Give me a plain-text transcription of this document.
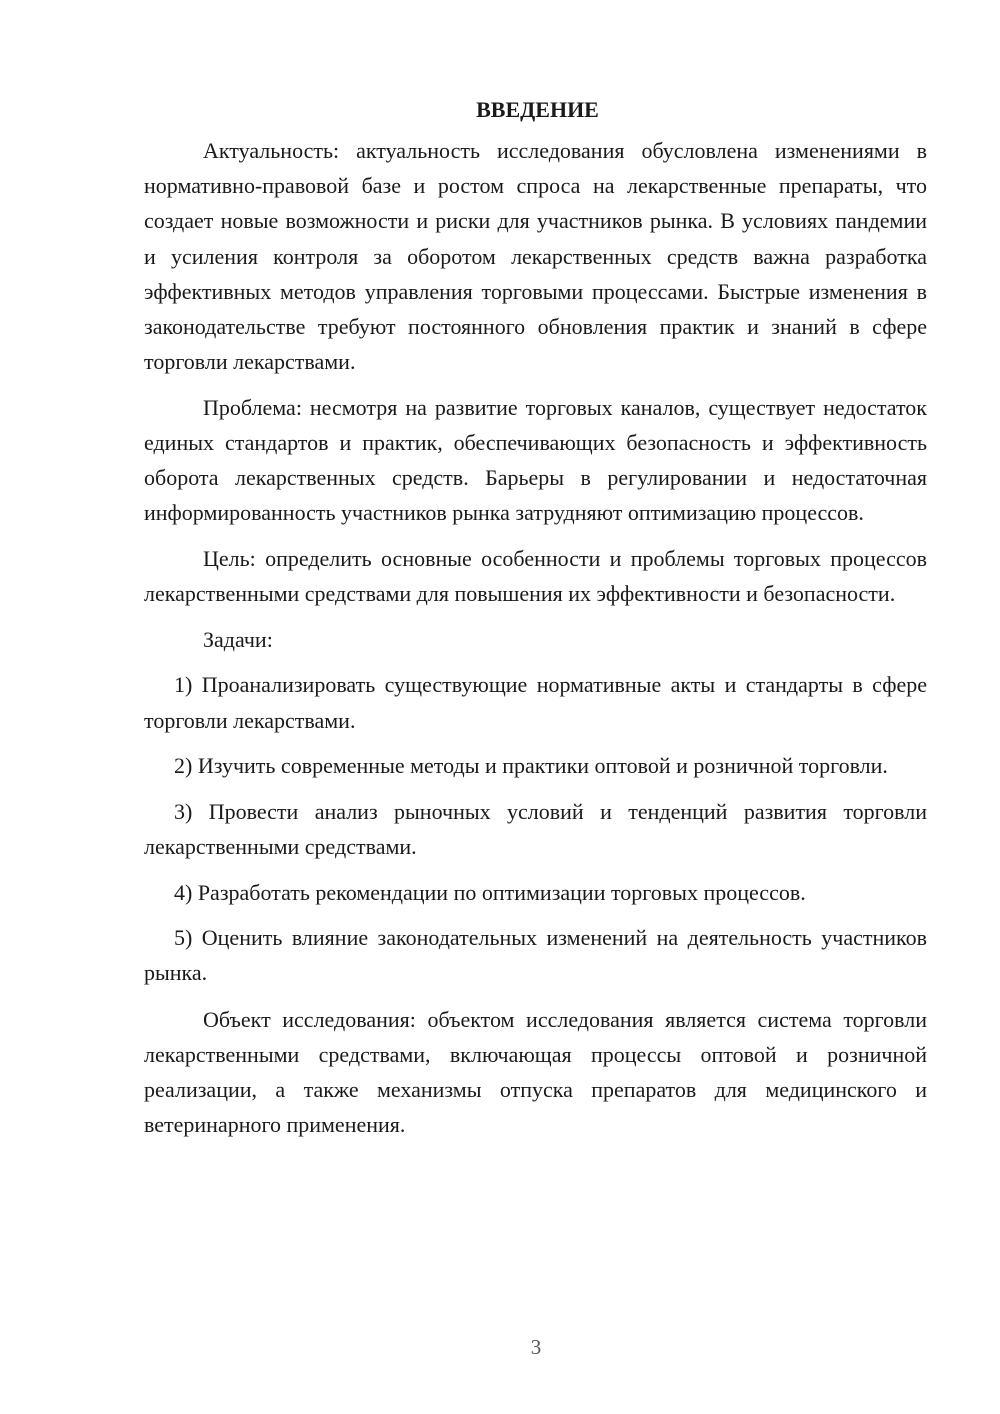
ВВЕДЕНИЕ

Актуальность: актуальность исследования обусловлена изменениями в нормативно-правовой базе и ростом спроса на лекарственные препараты, что создает новые возможности и риски для участников рынка. В условиях пандемии и усиления контроля за оборотом лекарственных средств важна разработка эффективных методов управления торговыми процессами. Быстрые изменения в законодательстве требуют постоянного обновления практик и знаний в сфере торговли лекарствами.

Проблема: несмотря на развитие торговых каналов, существует недостаток единых стандартов и практик, обеспечивающих безопасность и эффективность оборота лекарственных средств. Барьеры в регулировании и недостаточная информированность участников рынка затрудняют оптимизацию процессов.

Цель: определить основные особенности и проблемы торговых процессов лекарственными средствами для повышения их эффективности и безопасности.

Задачи:

1) Проанализировать существующие нормативные акты и стандарты в сфере торговли лекарствами.

2) Изучить современные методы и практики оптовой и розничной торговли.

3) Провести анализ рыночных условий и тенденций развития торговли лекарственными средствами.

4) Разработать рекомендации по оптимизации торговых процессов.

5) Оценить влияние законодательных изменений на деятельность участников рынка.

Объект исследования: объектом исследования является система торговли лекарственными средствами, включающая процессы оптовой и розничной реализации, а также механизмы отпуска препаратов для медицинского и ветеринарного применения.

3
